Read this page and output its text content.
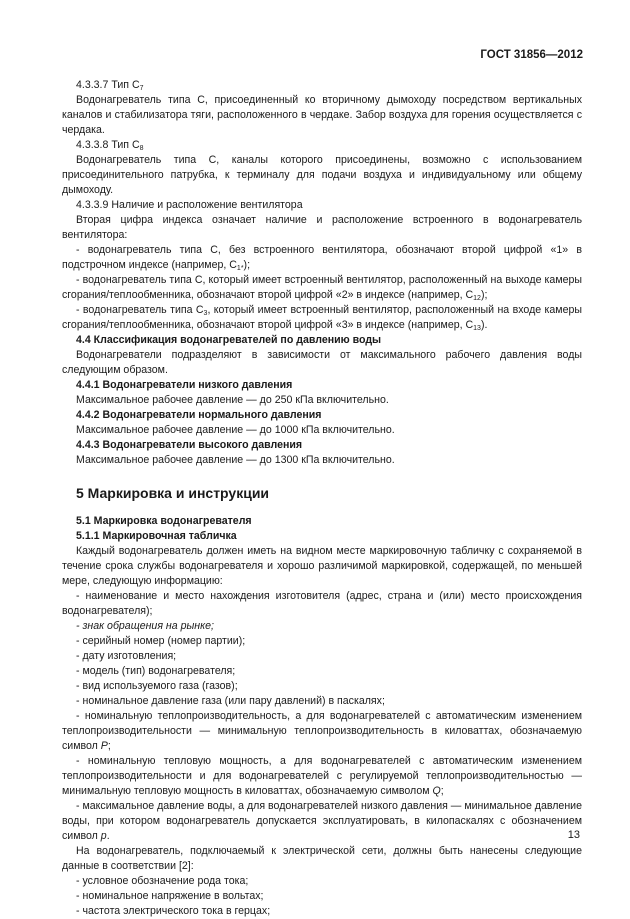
ГОСТ 31856—2012

4.3.3.7 Тип $С_7$

Водонагреватель типа С, присоединенный ко вторичному дымоходу посредством вертикальных каналов и стабилизатора тяги, расположенного в чердаке. Забор воздуха для горения осуществляется с чердака.

4.3.3.8 Тип $С_8$

Водонагреватель типа С, каналы которого присоединены, возможно с использованием присоединительного патрубка, к терминалу для подачи воздуха и индивидуальному или общему дымоходу.

4.3.3.9 Наличие и расположение вентилятора

Вторая цифра индекса означает наличие и расположение встроенного в водонагреватель вентилятора:

- водонагреватель типа С, без встроенного вентилятора, обозначают второй цифрой «1» в подстрочном индексе (например, $С_{1*}$);

- водонагреватель типа С, который имеет встроенный вентилятор, расположенный на выходе камеры сгорания/теплообменника, обозначают второй цифрой «2» в индексе (например, $С_{12}$);

- водонагреватель типа $С_3$, который имеет встроенный вентилятор, расположенный на входе камеры сгорания/теплообменника, обозначают второй цифрой «3» в индексе (например, $С_{13}$).

4.4 Классификация водонагревателей по давлению воды

Водонагреватели подразделяют в зависимости от максимального рабочего давления воды следующим образом.

4.4.1 Водонагреватели низкого давления

Максимальное рабочее давление — до 250 кПа включительно.

4.4.2 Водонагреватели нормального давления

Максимальное рабочее давление — до 1000 кПа включительно.

4.4.3 Водонагреватели высокого давления

Максимальное рабочее давление — до 1300 кПа включительно.

5 Маркировка и инструкции

5.1 Маркировка водонагревателя

5.1.1 Маркировочная табличка

Каждый водонагреватель должен иметь на видном месте маркировочную табличку с сохраняемой в течение срока службы водонагревателя и хорошо различимой маркировкой, содержащей, по меньшей мере, следующую информацию:

- наименование и место нахождения изготовителя (адрес, страна и (или) место происхождения водонагревателя);

- знак обращения на рынке;

- серийный номер (номер партии);

- дату изготовления;

- модель (тип) водонагревателя;

- вид используемого газа (газов);

- номинальное давление газа (или пару давлений) в паскалях;

- номинальную теплопроизводительность, а для водонагревателей с автоматическим изменением теплопроизводительности — минимальную теплопроизводительность в киловаттах, обозначаемую символ P;

- номинальную тепловую мощность, а для водонагревателей с автоматическим изменением теплопроизводительности и для водонагревателей с регулируемой теплопроизводительностью — минимальную тепловую мощность в киловаттах, обозначаемую символом Q;

- максимальное давление воды, а для водонагревателей низкого давления — минимальное давление воды, при котором водонагреватель допускается эксплуатировать, в килопаскалях с обозначением символ p.

На водонагреватель, подключаемый к электрической сети, должны быть нанесены следующие данные в соответствии [2]:

- условное обозначение рода тока;

- номинальное напряжение в вольтах;

- частота электрического тока в герцах;

13
